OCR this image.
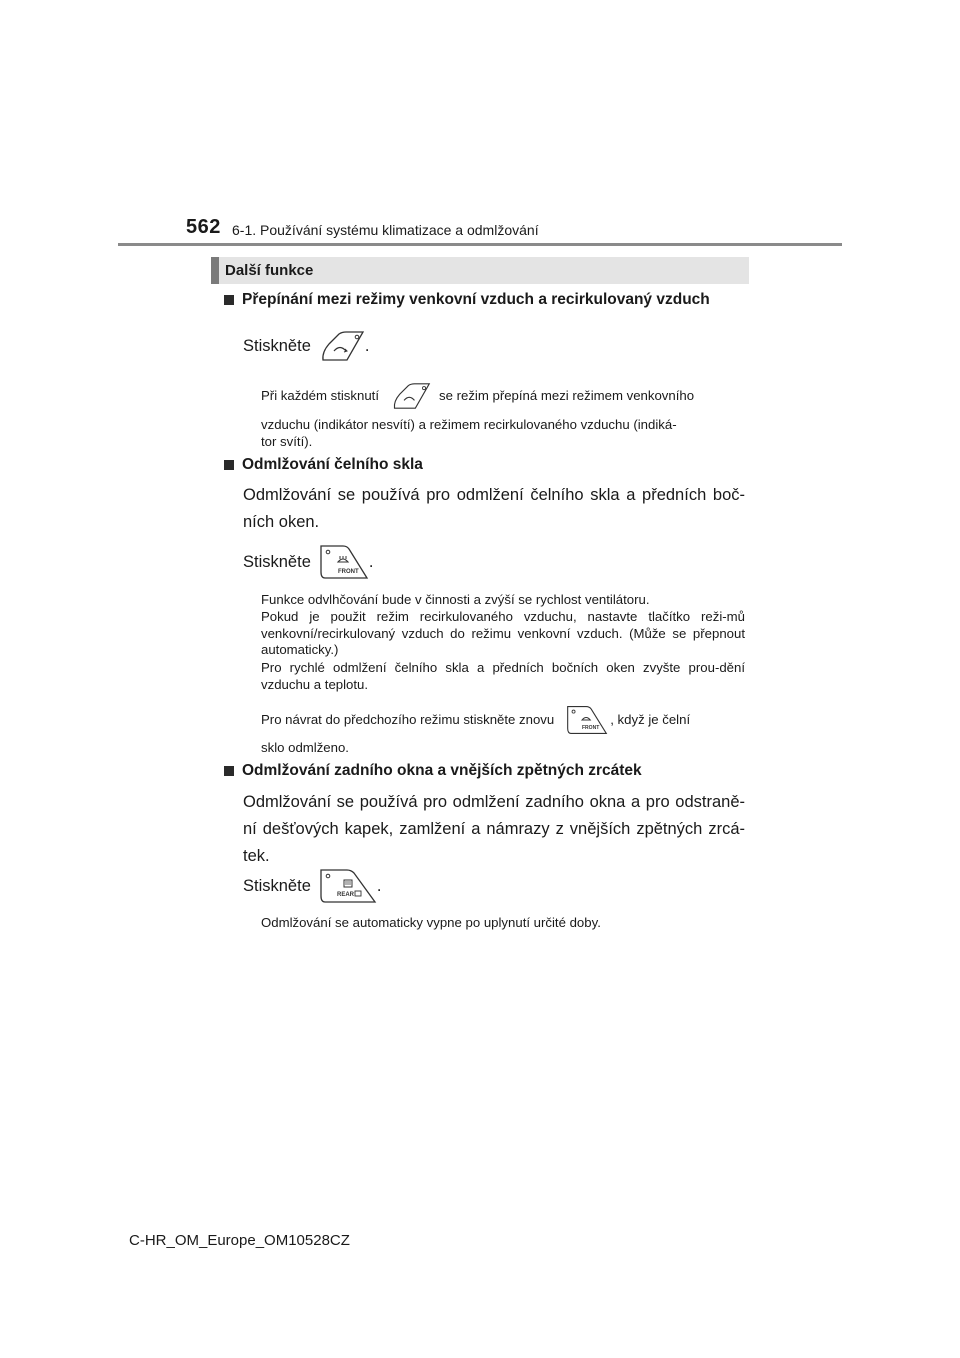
562 6-1. Používání systému klimatizace a odmlžování
Další funkce
Přepínání mezi režimy venkovní vzduch a recirkulovaný vzduch
Stiskněte	.
Při každém stisknutí	se režim přepíná mezi režimem venkovního
vzduchu (indikátor nesvítí) a režimem recirkulovaného vzduchu (indiká-
tor svítí).
Odmlžování čelního skla
Odmlžování se používá pro odmlžení čelního skla a předních boč-ních oken.
Stiskněte
FRONT
.
Funkce odvlhčování bude v činnosti a zvýší se rychlost ventilátoru.
Pokud je použit režim recirkulovaného vzduchu, nastavte tlačítko reži-mů venkovní/recirkulovaný vzduch do režimu venkovní vzduch. (Může se přepnout automaticky.)
Pro rychlé odmlžení čelního skla a předních bočních oken zvyšte prou-dění vzduchu a teplotu.
Pro návrat do předchozího režimu stiskněte znovu
FRONT
, když je čelní
sklo odmlženo.
Odmlžování zadního okna a vnějších zpětných zrcátek
Odmlžování se používá pro odmlžení zadního okna a pro odstraně-ní dešťových kapek, zamlžení a námrazy z vnějších zpětných zrcá-tek.
Stiskněte
REAR
.
Odmlžování se automaticky vypne po uplynutí určité doby.
C-HR_OM_Europe_OM10528CZ
